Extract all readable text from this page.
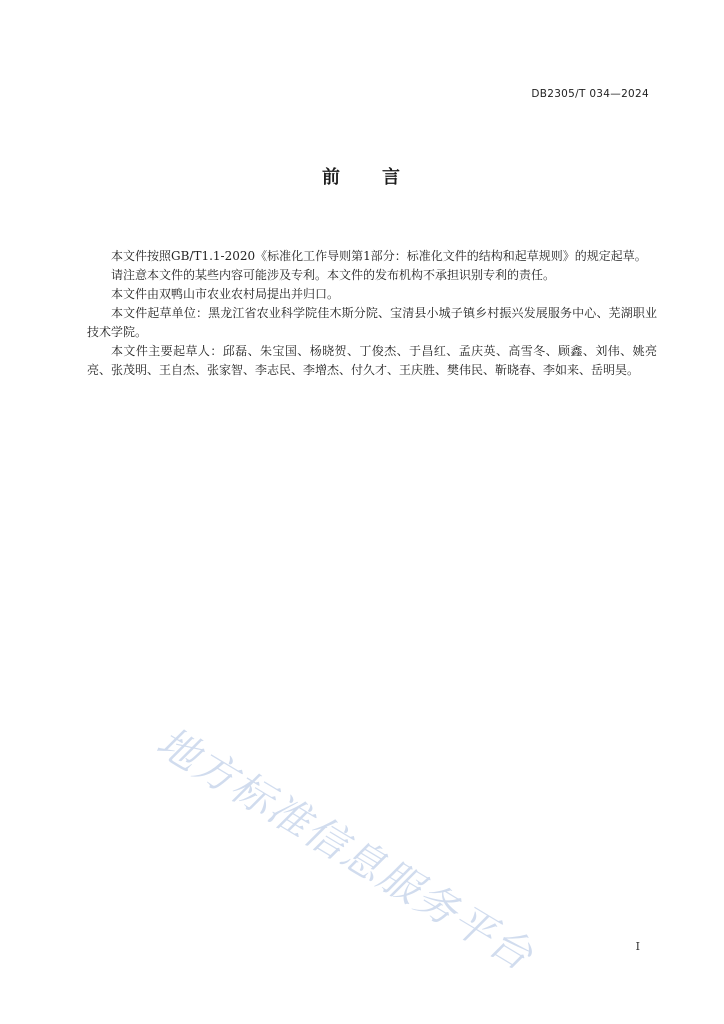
DB2305/T 034—2024
前 言

本文件按照GB/T1.1-2020《标准化工作导则第1部分：标准化文件的结构和起草规则》的规定起草。

请注意本文件的某些内容可能涉及专利。本文件的发布机构不承担识别专利的责任。

本文件由双鸭山市农业农村局提出并归口。

本文件起草单位：黑龙江省农业科学院佳木斯分院、宝清县小城子镇乡村振兴发展服务中心、芜湖职业技术学院。

本文件主要起草人：邱磊、朱宝国、杨晓贺、丁俊杰、于昌红、孟庆英、高雪冬、顾鑫、刘伟、姚亮亮、张茂明、王自杰、张家智、李志民、李增杰、付久才、王庆胜、樊伟民、靳晓春、李如来、岳明昊。

地方标准信息服务平台	I
